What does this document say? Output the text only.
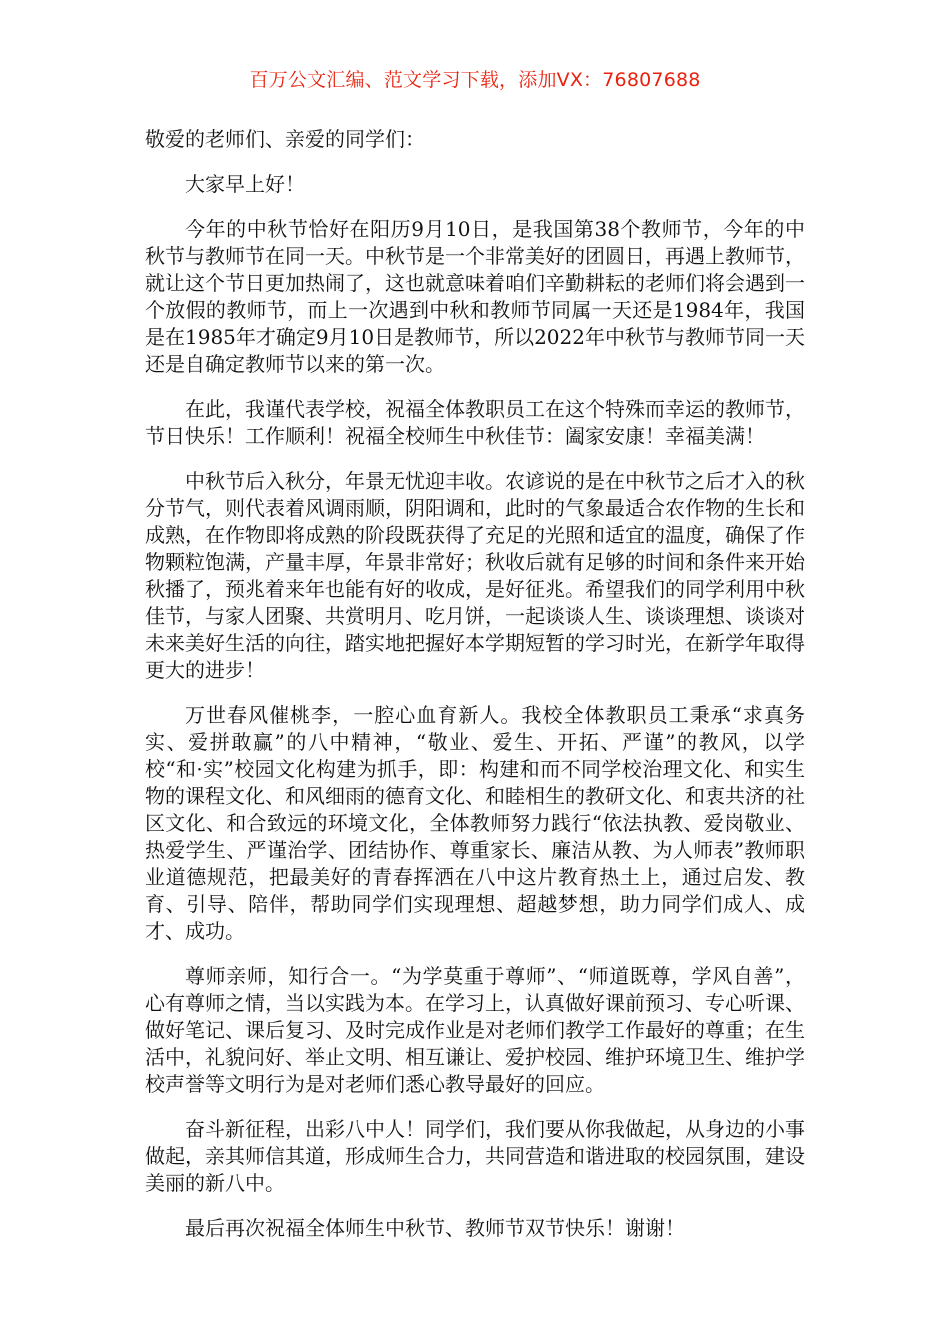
百万公文汇编、范文学习下载，添加VX：76807688

敬爱的老师们、亲爱的同学们：

大家早上好！

今年的中秋节恰好在阳历9月10日，是我国第38个教师节，今年的中秋节与教师节在同一天。中秋节是一个非常美好的团圆日，再遇上教师节，就让这个节日更加热闹了，这也就意味着咱们辛勤耕耘的老师们将会遇到一个放假的教师节，而上一次遇到中秋和教师节同属一天还是1984年，我国是在1985年才确定9月10日是教师节，所以2022年中秋节与教师节同一天还是自确定教师节以来的第一次。

在此，我谨代表学校，祝福全体教职员工在这个特殊而幸运的教师节，节日快乐！工作顺利！祝福全校师生中秋佳节：阖家安康！幸福美满！

中秋节后入秋分，年景无忧迎丰收。农谚说的是在中秋节之后才入的秋分节气，则代表着风调雨顺，阴阳调和，此时的气象最适合农作物的生长和成熟，在作物即将成熟的阶段既获得了充足的光照和适宜的温度，确保了作物颗粒饱满，产量丰厚，年景非常好；秋收后就有足够的时间和条件来开始秋播了，预兆着来年也能有好的收成，是好征兆。希望我们的同学利用中秋佳节，与家人团聚、共赏明月、吃月饼，一起谈谈人生、谈谈理想、谈谈对未来美好生活的向往，踏实地把握好本学期短暂的学习时光，在新学年取得更大的进步！

万世春风催桃李，一腔心血育新人。我校全体教职员工秉承“求真务实、爱拼敢赢”的八中精神，“敬业、爱生、开拓、严谨”的教风，以学校“和·实”校园文化构建为抓手，即：构建和而不同学校治理文化、和实生物的课程文化、和风细雨的德育文化、和睦相生的教研文化、和衷共济的社区文化、和合致远的环境文化，全体教师努力践行“依法执教、爱岗敬业、热爱学生、严谨治学、团结协作、尊重家长、廉洁从教、为人师表”教师职业道德规范，把最美好的青春挥洒在八中这片教育热土上，通过启发、教育、引导、陪伴，帮助同学们实现理想、超越梦想，助力同学们成人、成才、成功。

尊师亲师，知行合一。“为学莫重于尊师”、“师道既尊，学风自善”，心有尊师之情，当以实践为本。在学习上，认真做好课前预习、专心听课、做好笔记、课后复习、及时完成作业是对老师们教学工作最好的尊重；在生活中，礼貌问好、举止文明、相互谦让、爱护校园、维护环境卫生、维护学校声誉等文明行为是对老师们悉心教导最好的回应。

奋斗新征程，出彩八中人！同学们，我们要从你我做起，从身边的小事做起，亲其师信其道，形成师生合力，共同营造和谐进取的校园氛围，建设美丽的新八中。

最后再次祝福全体师生中秋节、教师节双节快乐！谢谢！
